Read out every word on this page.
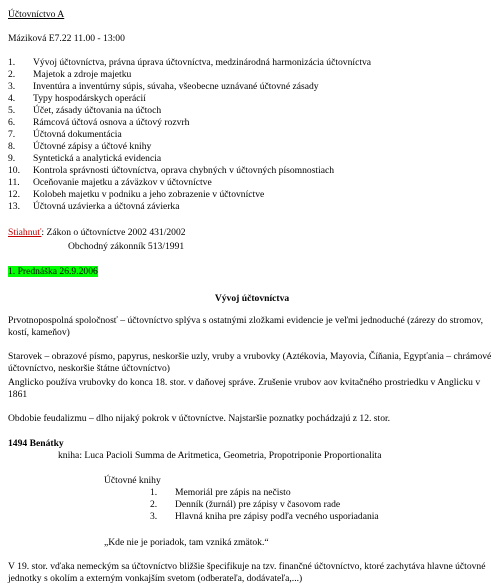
Účtovníctvo A
Máziková E7.22 11.00 - 13:00
1. Vývoj účtovníctva, právna úprava účtovníctva, medzinárodná harmonizácia účtovníctva
2. Majetok a zdroje majetku
3. Inventúra a inventúrny súpis, súvaha, všeobecne uznávané účtovné zásady
4. Typy hospodárskych operácií
5. Účet, zásady účtovania na účtoch
6. Rámcová účtová osnova a účtový rozvrh
7. Účtovná dokumentácia
8. Účtovné zápisy a účtové knihy
9. Syntetická a analytická evidencia
10. Kontrola správnosti účtovníctva, oprava chybných v účtovných písomnostiach
11. Oceňovanie majetku a záväzkov v účtovníctve
12. Kolobeh majetku v podniku a jeho zobrazenie v účtovníctve
13. Účtovná uzávierka a účtovná závierka
Stiahnuť: Zákon o účtovníctve 2002 431/2002
Obchodný zákonník 513/1991
1. Prednáška 26.9.2006
Vývoj účtovníctva
Prvotnopospolná spoločnosť – účtovníctvo splýva s ostatnými zložkami evidencie je veľmi jednoduché (zárezy do stromov, kostí, kameňov)
Starovek – obrazové písmo, papyrus, neskoršie uzly, vruby a vrubovky (Aztékovia, Mayovia, Číňania, Egypťania – chrámové účtovníctvo, neskoršie štátne účtovníctvo)
Anglicko používa vrubovky do konca 18. stor. v daňovej správe. Zrušenie vrubov aov kvitačného prostriedku v Anglicku v 1861
Obdobie feudalizmu – dlho nijaký pokrok v účtovníctve. Najstaršie poznatky pochádzajú z 12. stor.
1494 Benátky
kniha: Luca Pacioli Summa de Aritmetica, Geometria, Propotriponie Proportionalita
Účtovné knihy
1. Memoriál pre zápis na nečisto
2. Denník (žurnál) pre zápisy v časovom rade
3. Hlavná kniha pre zápisy podľa vecného usporiadania
„Kde nie je poriadok, tam vzniká zmätok.“
V 19. stor. vďaka nemeckým sa účtovníctvo bližšie špecifikuje na tzv. finančné účtovníctvo, ktoré zachytáva hlavne účtovné jednotky s okolím a externým vonkajším svetom (odberateľa, dodávateľa,...)
